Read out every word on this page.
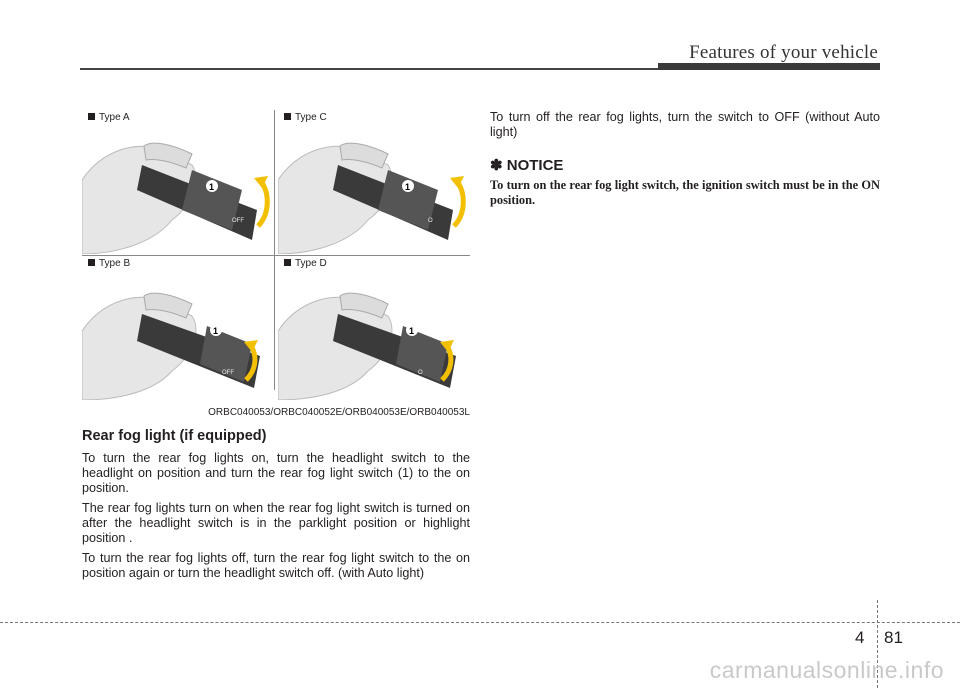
Features of your vehicle
1
OFF
Type A
1
O
Type C
1
OFF
Type B
1
O
Type D
ORBC040053/ORBC040052E/ORB040053E/ORB040053L
Rear fog light (if equipped)

To turn the rear fog lights on, turn the headlight switch to the headlight on position and turn the rear fog light switch (1) to the on position.

The rear fog lights turn on when the rear fog light switch is turned on after the headlight switch is in the parklight position or highlight position .

To turn the rear fog lights off, turn the rear fog light switch to the on position again or turn the headlight switch off. (with Auto light)

To turn off the rear fog lights, turn the switch to OFF (without Auto light)

✽ NOTICE
To turn on the rear fog light switch, the ignition switch must be in the ON position.
4 81
carmanualsonline.info
